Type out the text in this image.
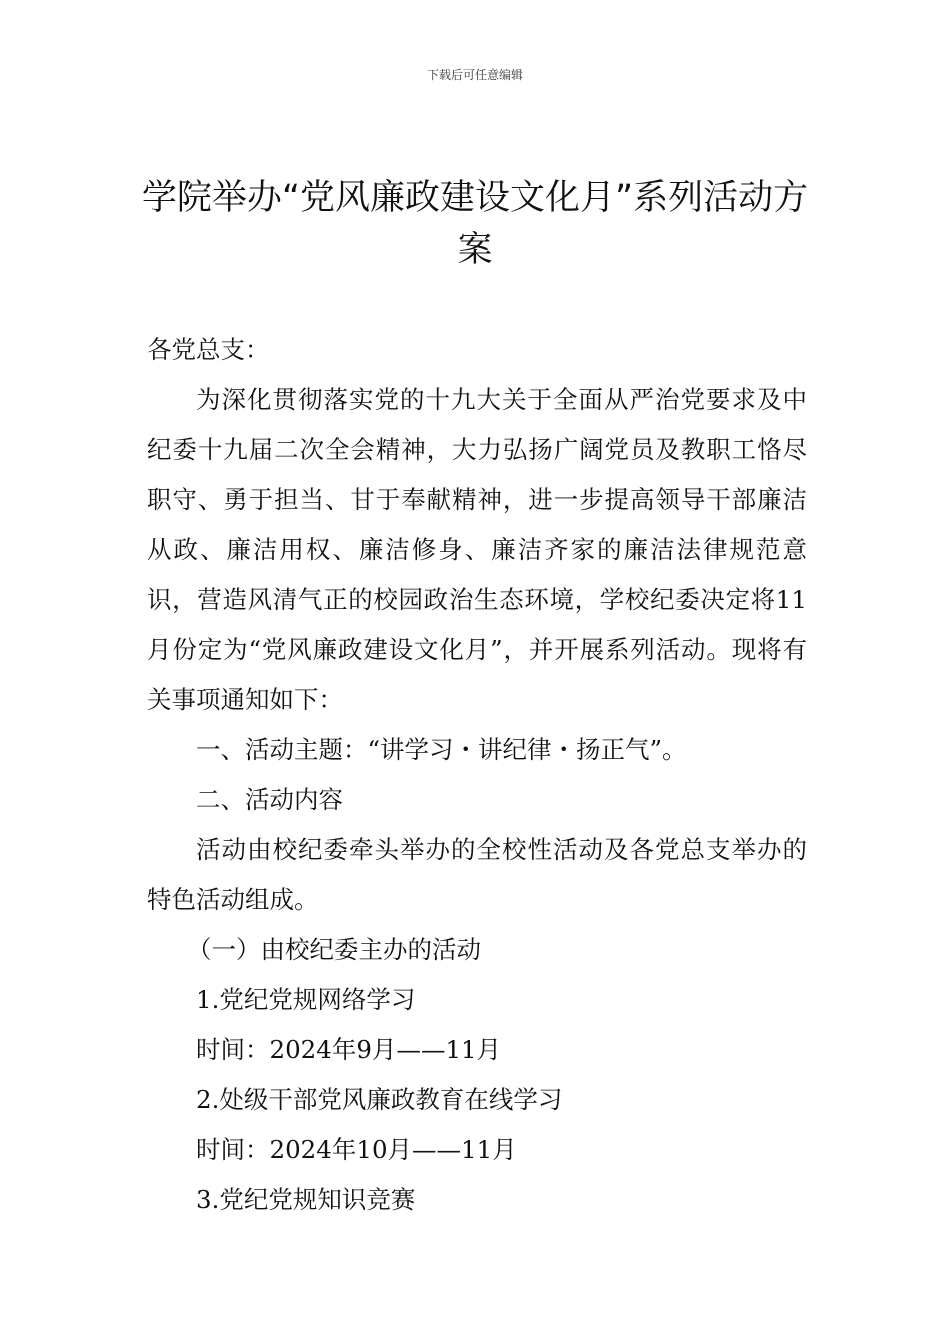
下载后可任意编辑
学院举办“党风廉政建设文化月”系列活动方案

各党总支：

为深化贯彻落实党的十九大关于全面从严治党要求及中纪委十九届二次全会精神，大力弘扬广阔党员及教职工恪尽职守、勇于担当、甘于奉献精神，进一步提高领导干部廉洁从政、廉洁用权、廉洁修身、廉洁齐家的廉洁法律规范意识，营造风清气正的校园政治生态环境，学校纪委决定将11月份定为“党风廉政建设文化月”，并开展系列活动。现将有关事项通知如下：

一、活动主题：“讲学习・讲纪律・扬正气”。

二、活动内容

活动由校纪委牵头举办的全校性活动及各党总支举办的特色活动组成。

（一）由校纪委主办的活动

1.党纪党规网络学习

时间：2024年9月——11月

2.处级干部党风廉政教育在线学习

时间：2024年10月——11月

3.党纪党规知识竞赛
